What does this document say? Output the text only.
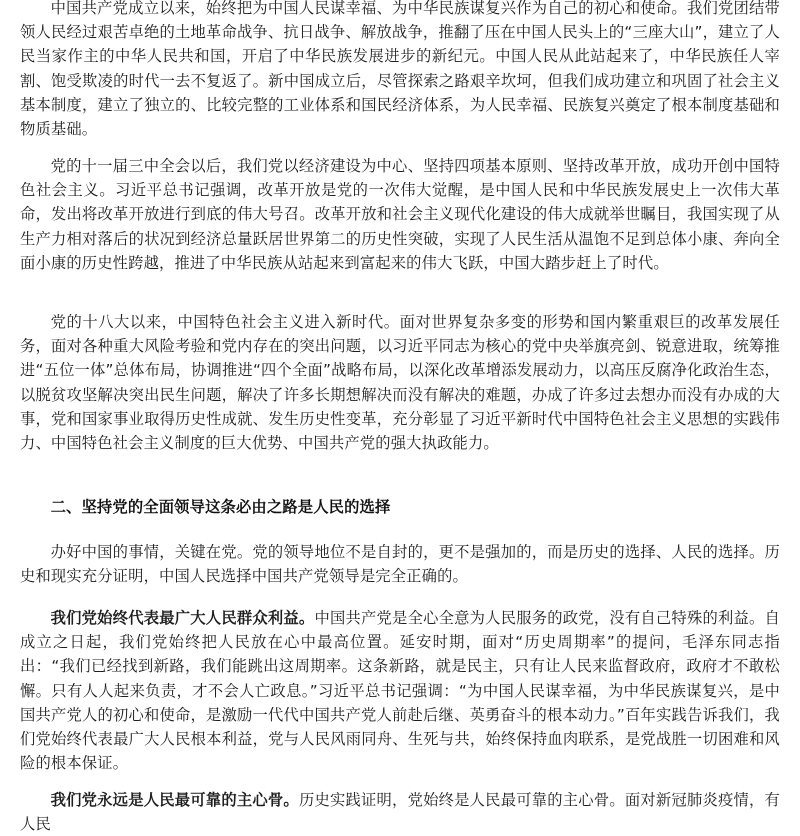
中国共产党成立以来，始终把为中国人民谋幸福、为中华民族谋复兴作为自己的初心和使命。我们党团结带领人民经过艰苦卓绝的土地革命战争、抗日战争、解放战争，推翻了压在中国人民头上的“三座大山”，建立了人民当家作主的中华人民共和国，开启了中华民族发展进步的新纪元。中国人民从此站起来了，中华民族任人宰割、饱受欺凌的时代一去不复返了。新中国成立后，尽管探索之路艰辛坎坷，但我们成功建立和巩固了社会主义基本制度，建立了独立的、比较完整的工业体系和国民经济体系，为人民幸福、民族复兴奠定了根本制度基础和物质基础。

党的十一届三中全会以后，我们党以经济建设为中心、坚持四项基本原则、坚持改革开放，成功开创中国特色社会主义。习近平总书记强调，改革开放是党的一次伟大觉醒，是中国人民和中华民族发展史上一次伟大革命，发出将改革开放进行到底的伟大号召。改革开放和社会主义现代化建设的伟大成就举世瞩目，我国实现了从生产力相对落后的状况到经济总量跃居世界第二的历史性突破，实现了人民生活从温饱不足到总体小康、奔向全面小康的历史性跨越，推进了中华民族从站起来到富起来的伟大飞跃，中国大踏步赶上了时代。

党的十八大以来，中国特色社会主义进入新时代。面对世界复杂多变的形势和国内繁重艰巨的改革发展任务，面对各种重大风险考验和党内存在的突出问题，以习近平同志为核心的党中央举旗亮剑、锐意进取，统筹推进“五位一体”总体布局，协调推进“四个全面”战略布局，以深化改革增添发展动力，以高压反腐净化政治生态，以脱贫攻坚解决突出民生问题，解决了许多长期想解决而没有解决的难题，办成了许多过去想办而没有办成的大事，党和国家事业取得历史性成就、发生历史性变革，充分彰显了习近平新时代中国特色社会主义思想的实践伟力、中国特色社会主义制度的巨大优势、中国共产党的强大执政能力。

二、坚持党的全面领导这条必由之路是人民的选择

办好中国的事情，关键在党。党的领导地位不是自封的，更不是强加的，而是历史的选择、人民的选择。历史和现实充分证明，中国人民选择中国共产党领导是完全正确的。

我们党始终代表最广大人民群众利益。中国共产党是全心全意为人民服务的政党，没有自己特殊的利益。自成立之日起，我们党始终把人民放在心中最高位置。延安时期，面对“历史周期率”的提问，毛泽东同志指出：“我们已经找到新路，我们能跳出这周期率。这条新路，就是民主，只有让人民来监督政府，政府才不敢松懈。只有人人起来负责，才不会人亡政息。”习近平总书记强调：“为中国人民谋幸福，为中华民族谋复兴，是中国共产党人的初心和使命，是激励一代代中国共产党人前赴后继、英勇奋斗的根本动力。”百年实践告诉我们，我们党始终代表最广大人民根本利益，党与人民风雨同舟、生死与共，始终保持血肉联系，是党战胜一切困难和风险的根本保证。

我们党永远是人民最可靠的主心骨。历史实践证明，党始终是人民最可靠的主心骨。面对新冠肺炎疫情，有人民
